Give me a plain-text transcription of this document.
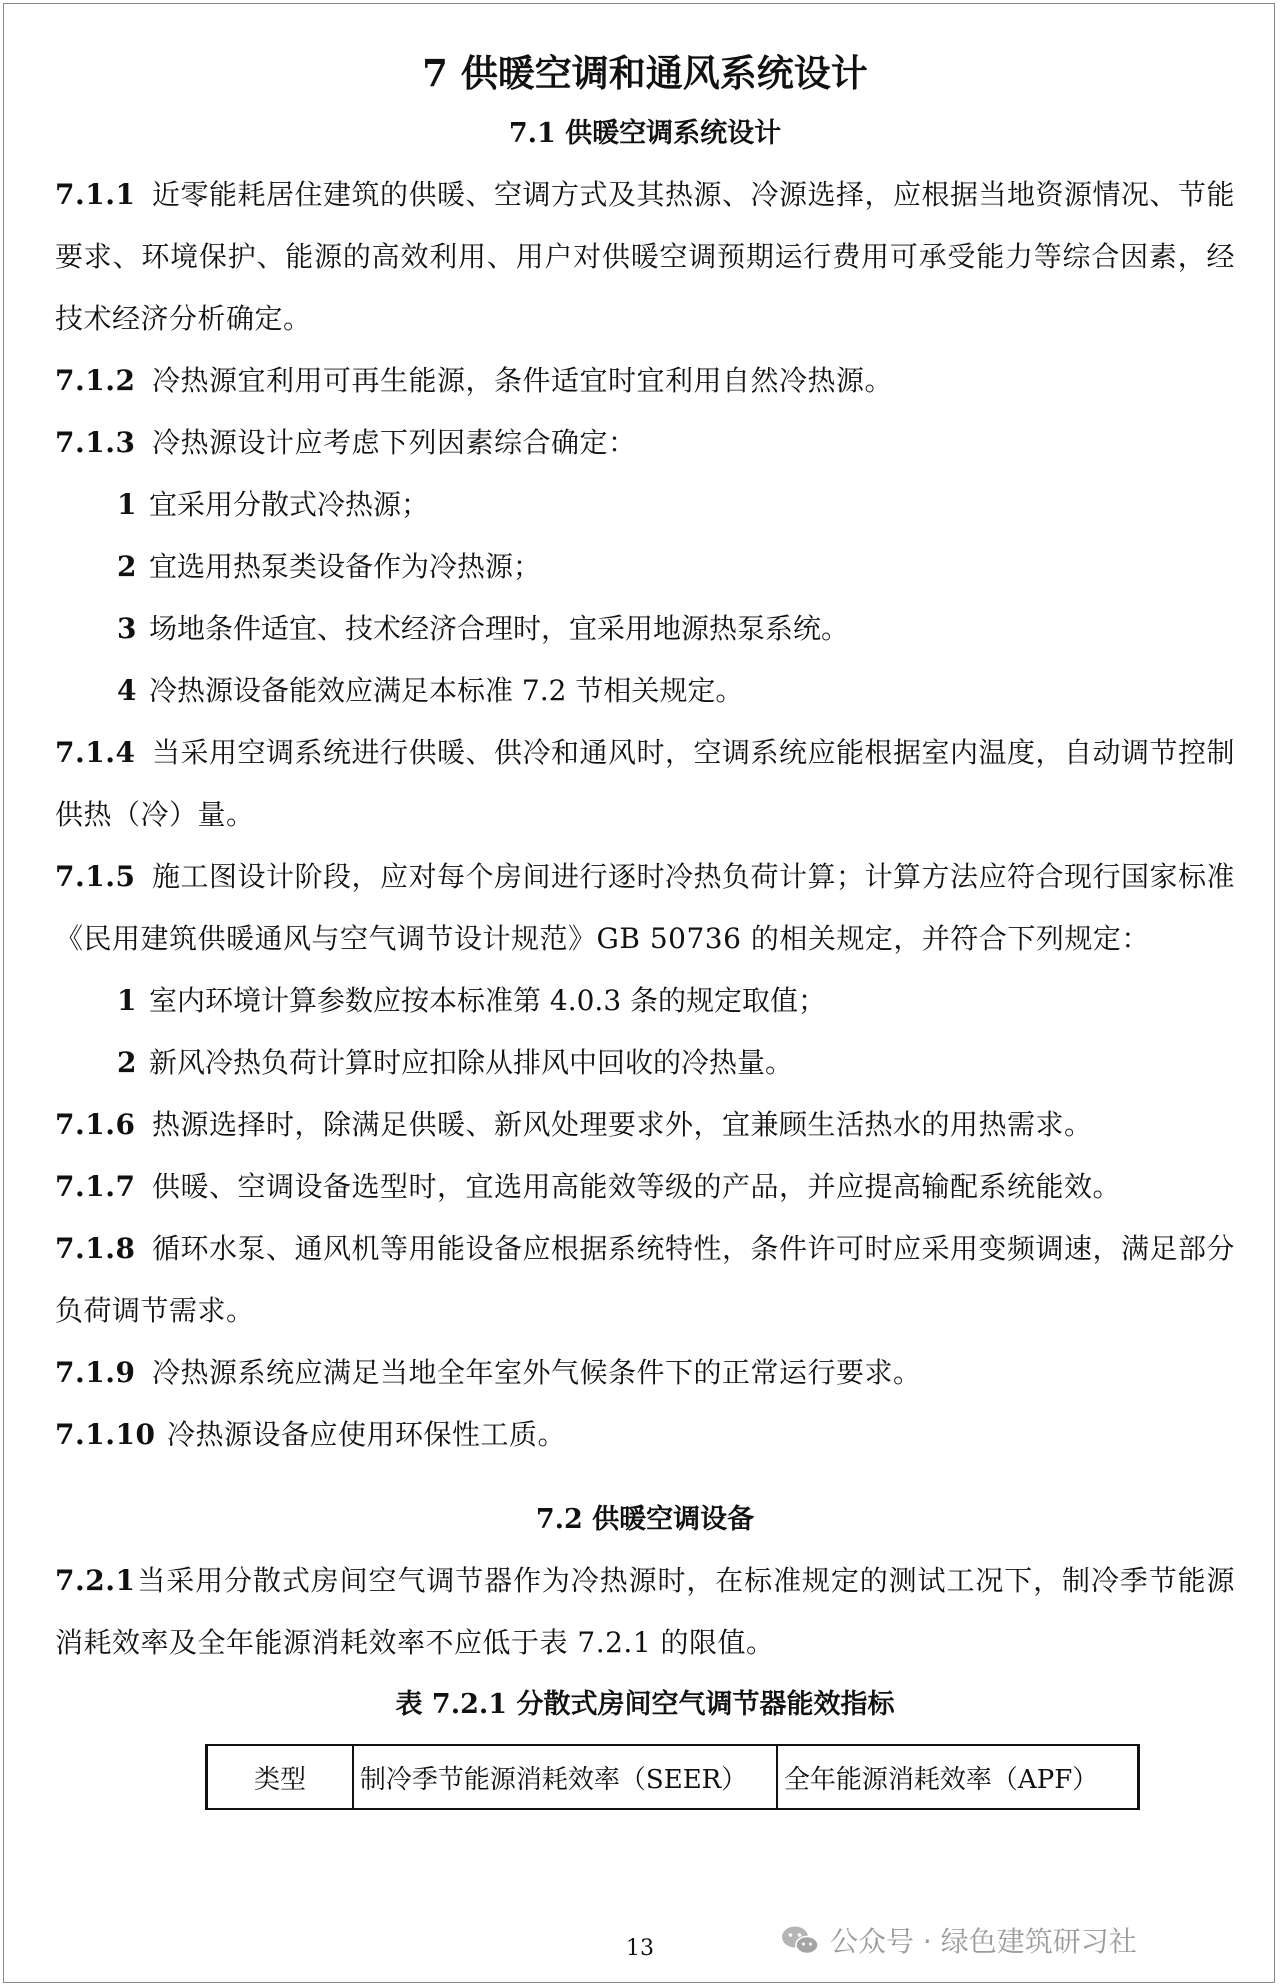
7 供暖空调和通风系统设计
7.1 供暖空调系统设计
7.1.1 近零能耗居住建筑的供暖、空调方式及其热源、冷源选择，应根据当地资源情况、节能要求、环境保护、能源的高效利用、用户对供暖空调预期运行费用可承受能力等综合因素，经技术经济分析确定。
7.1.2 冷热源宜利用可再生能源，条件适宜时宜利用自然冷热源。
7.1.3 冷热源设计应考虑下列因素综合确定：
1 宜采用分散式冷热源；
2 宜选用热泵类设备作为冷热源；
3 场地条件适宜、技术经济合理时，宜采用地源热泵系统。
4 冷热源设备能效应满足本标准 7.2 节相关规定。
7.1.4 当采用空调系统进行供暖、供冷和通风时，空调系统应能根据室内温度，自动调节控制供热（冷）量。
7.1.5 施工图设计阶段，应对每个房间进行逐时冷热负荷计算；计算方法应符合现行国家标准《民用建筑供暖通风与空气调节设计规范》GB 50736 的相关规定，并符合下列规定：
1 室内环境计算参数应按本标准第 4.0.3 条的规定取值；
2 新风冷热负荷计算时应扣除从排风中回收的冷热量。
7.1.6 热源选择时，除满足供暖、新风处理要求外，宜兼顾生活热水的用热需求。
7.1.7 供暖、空调设备选型时，宜选用高能效等级的产品，并应提高输配系统能效。
7.1.8 循环水泵、通风机等用能设备应根据系统特性，条件许可时应采用变频调速，满足部分负荷调节需求。
7.1.9 冷热源系统应满足当地全年室外气候条件下的正常运行要求。
7.1.10 冷热源设备应使用环保性工质。
7.2 供暖空调设备
7.2.1当采用分散式房间空气调节器作为冷热源时，在标准规定的测试工况下，制冷季节能源消耗效率及全年能源消耗效率不应低于表 7.2.1 的限值。
表 7.2.1 分散式房间空气调节器能效指标
类型	制冷季节能源消耗效率（SEER）	全年能源消耗效率（APF）
13	公众号 · 绿色建筑研习社
